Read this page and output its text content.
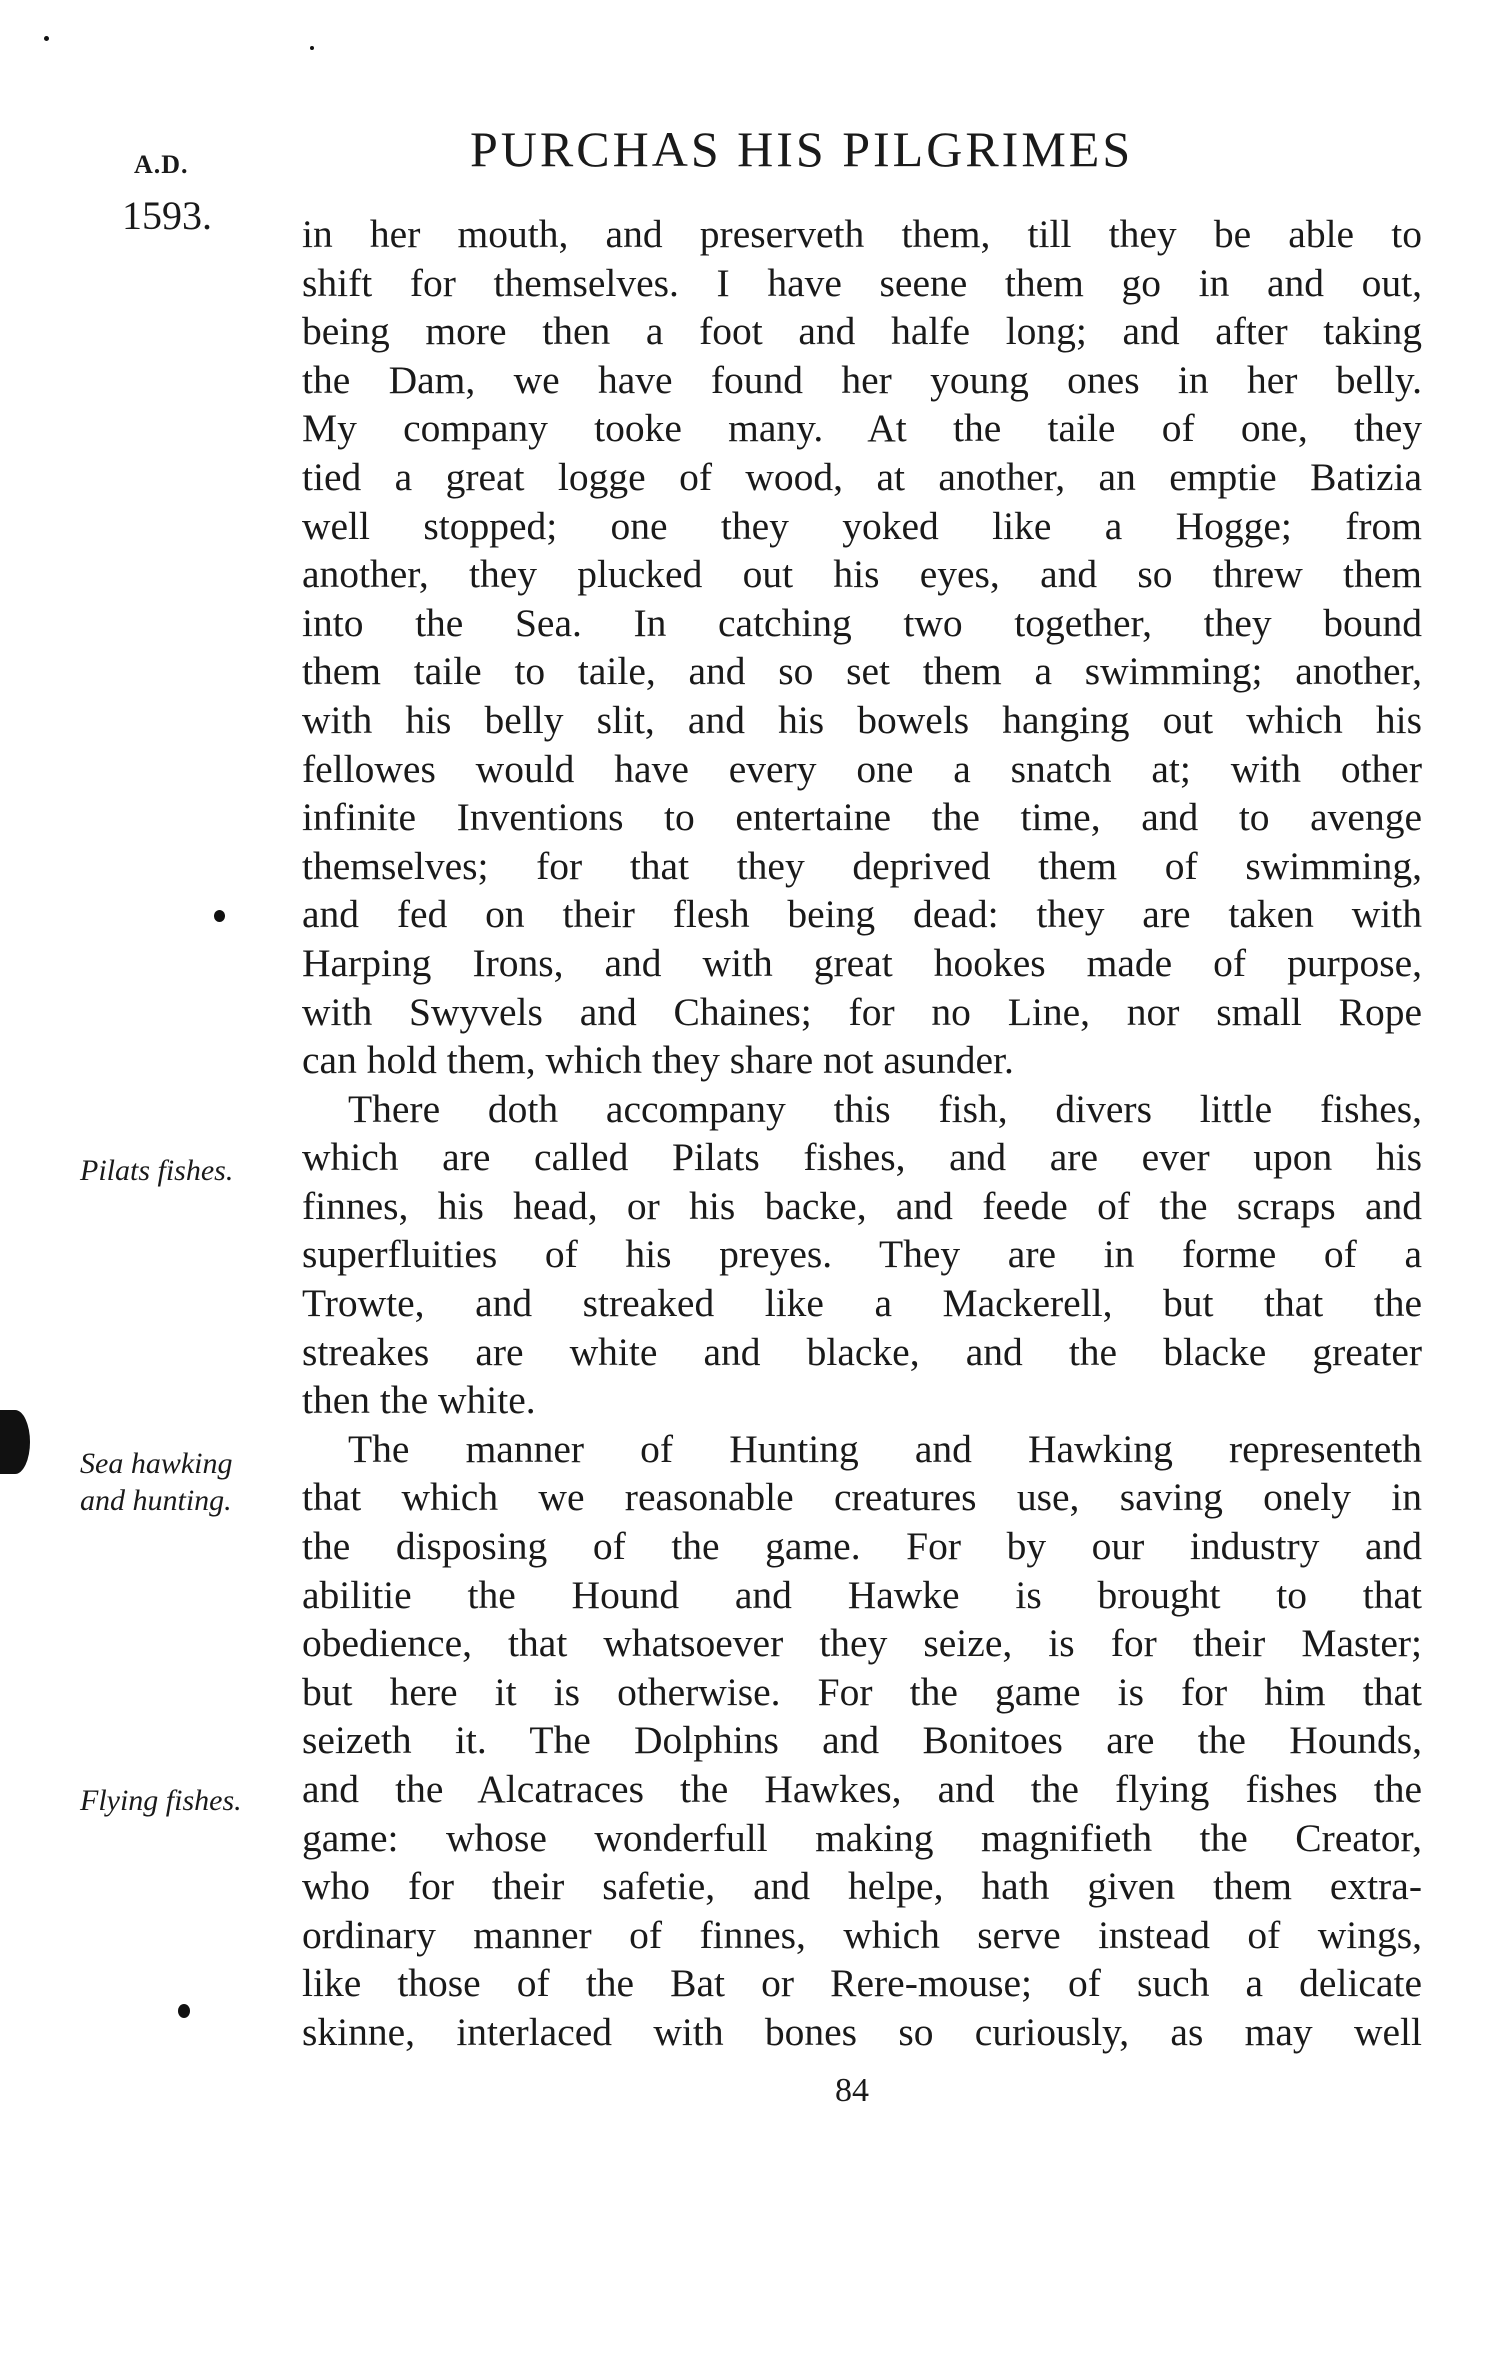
A.D.
1593.
PURCHAS HIS PILGRIMES
in her mouth, and preserveth them, till they be able to
shift for themselves. I have seene them go in and out,
being more then a foot and halfe long; and after taking
the Dam, we have found her young ones in her belly.
My company tooke many. At the taile of one, they
tied a great logge of wood, at another, an emptie Batizia
well stopped; one they yoked like a Hogge; from
another, they plucked out his eyes, and so threw them
into the Sea. In catching two together, they bound
them taile to taile, and so set them a swimming; another,
with his belly slit, and his bowels hanging out which his
fellowes would have every one a snatch at; with other
infinite Inventions to entertaine the time, and to avenge
themselves; for that they deprived them of swimming,
and fed on their flesh being dead: they are taken with
Harping Irons, and with great hookes made of purpose,
with Swyvels and Chaines; for no Line, nor small Rope
can hold them, which they share not asunder.
There doth accompany this fish, divers little fishes,
which are called Pilats fishes, and are ever upon his
finnes, his head, or his backe, and feede of the scraps and
superfluities of his preyes. They are in forme of a
Trowte, and streaked like a Mackerell, but that the
streakes are white and blacke, and the blacke greater
then the white.
The manner of Hunting and Hawking representeth
that which we reasonable creatures use, saving onely in
the disposing of the game. For by our industry and
abilitie the Hound and Hawke is brought to that
obedience, that whatsoever they seize, is for their Master;
but here it is otherwise. For the game is for him that
seizeth it. The Dolphins and Bonitoes are the Hounds,
and the Alcatraces the Hawkes, and the flying fishes the
game: whose wonderfull making magnifieth the Creator,
who for their safetie, and helpe, hath given them extra-
ordinary manner of finnes, which serve instead of wings,
like those of the Bat or Rere-mouse; of such a delicate
skinne, interlaced with bones so curiously, as may well
Pilats fishes.
Sea hawking
and hunting.
Flying fishes.
84
